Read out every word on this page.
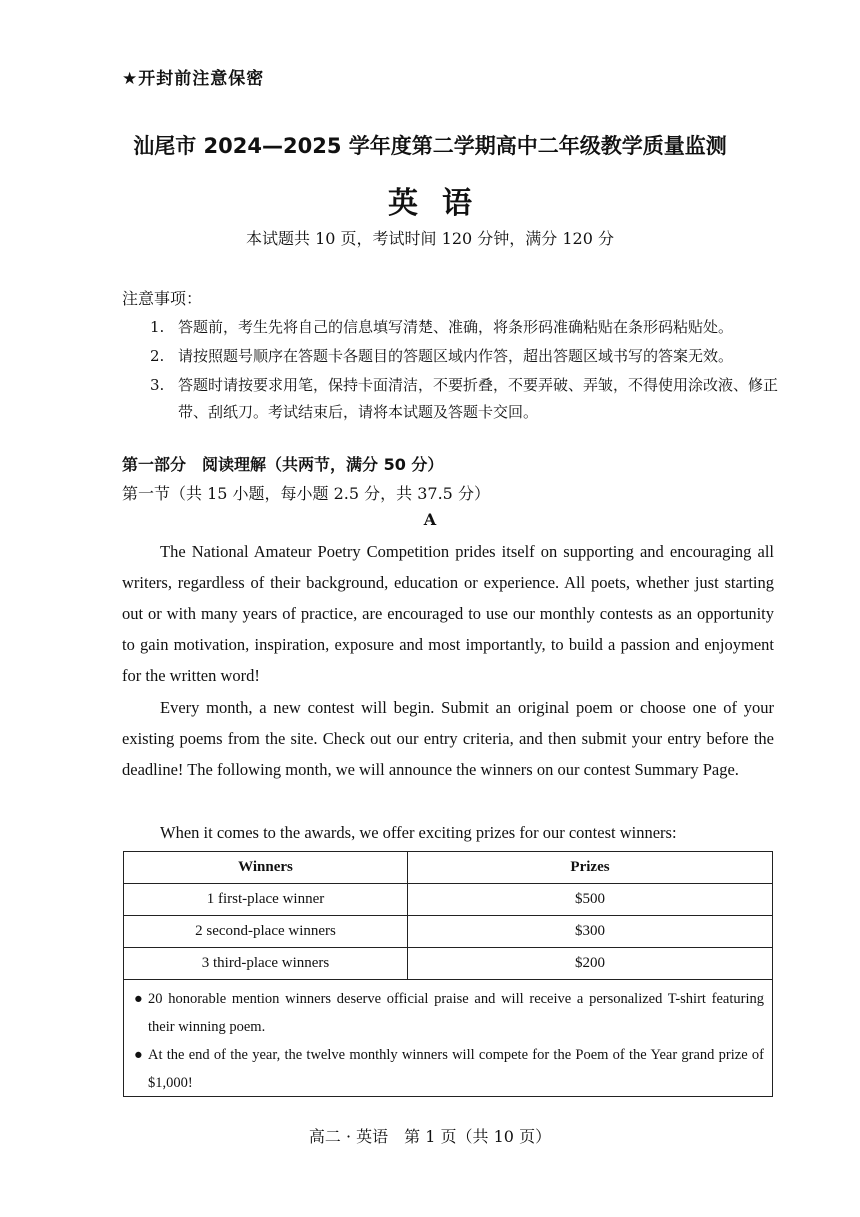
★开封前注意保密
汕尾市 2024—2025 学年度第二学期高中二年级教学质量监测
英语
本试题共 10 页，考试时间 120 分钟，满分 120 分
注意事项：
1. 答题前，考生先将自己的信息填写清楚、准确，将条形码准确粘贴在条形码粘贴处。
2. 请按照题号顺序在答题卡各题目的答题区域内作答，超出答题区域书写的答案无效。
3. 答题时请按要求用笔，保持卡面清洁，不要折叠，不要弄破、弄皱，不得使用涂改液、修正带、刮纸刀。考试结束后，请将本试题及答题卡交回。
第一部分　阅读理解（共两节，满分 50 分）
第一节（共 15 小题，每小题 2.5 分，共 37.5 分）
A
The National Amateur Poetry Competition prides itself on supporting and encouraging all writers, regardless of their background, education or experience. All poets, whether just starting out or with many years of practice, are encouraged to use our monthly contests as an opportunity to gain motivation, inspiration, exposure and most importantly, to build a passion and enjoyment for the written word!
Every month, a new contest will begin. Submit an original poem or choose one of your existing poems from the site. Check out our entry criteria, and then submit your entry before the deadline! The following month, we will announce the winners on our contest Summary Page.
When it comes to the awards, we offer exciting prizes for our contest winners:
Winners	Prizes
1 first-place winner	$500
2 second-place winners	$300
3 third-place winners	$200
● 20 honorable mention winners deserve official praise and will receive a personalized T-shirt featuring their winning poem.
● At the end of the year, the twelve monthly winners will compete for the Poem of the Year grand prize of $1,000!
高二 · 英语　第 1 页（共 10 页）
